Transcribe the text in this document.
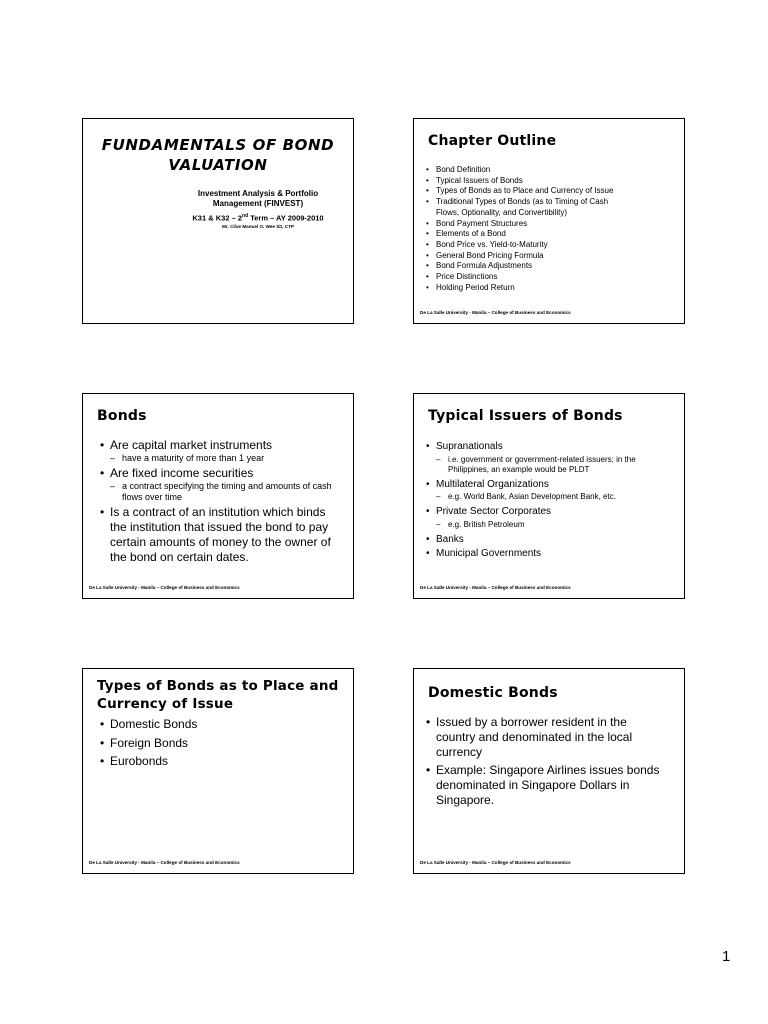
FUNDAMENTALS OF BOND
VALUATION
Investment Analysis & Portfolio
Management (FINVEST)
K31 & K32 – 2nd Term – AY 2009-2010
Mr. Clive Manuel O. Wee Sit, CTP
Chapter Outline
• Bond Definition
• Typical Issuers of Bonds
• Types of Bonds as to Place and Currency of Issue
• Traditional Types of Bonds (as to Timing of Cash
Flows, Optionality, and Convertibility)
• Bond Payment Structures
• Elements of a Bond
• Bond Price vs. Yield-to-Maturity
• General Bond Pricing Formula
• Bond Formula Adjustments
• Price Distinctions
• Holding Period Return
De La Salle University - Manila – College of Business and Economics
Bonds
• Are capital market instruments
– have a maturity of more than 1 year
• Are fixed income securities
– a contract specifying the timing and amounts of cash flows over time
• Is a contract of an institution which binds the institution that issued the bond to pay certain amounts of money to the owner of the bond on certain dates.
De La Salle University - Manila – College of Business and Economics
Typical Issuers of Bonds
• Supranationals
– i.e. government or government-related issuers; in the Philippines, an example would be PLDT
• Multilateral Organizations
– e.g. World Bank, Asian Development Bank, etc.
• Private Sector Corporates
– e.g. British Petroleum
• Banks
• Municipal Governments
De La Salle University - Manila – College of Business and Economics
Types of Bonds as to Place and Currency of Issue
• Domestic Bonds
• Foreign Bonds
• Eurobonds
De La Salle University - Manila – College of Business and Economics
Domestic Bonds
• Issued by a borrower resident in the country and denominated in the local currency
• Example: Singapore Airlines issues bonds denominated in Singapore Dollars in Singapore.
De La Salle University - Manila – College of Business and Economics
1
